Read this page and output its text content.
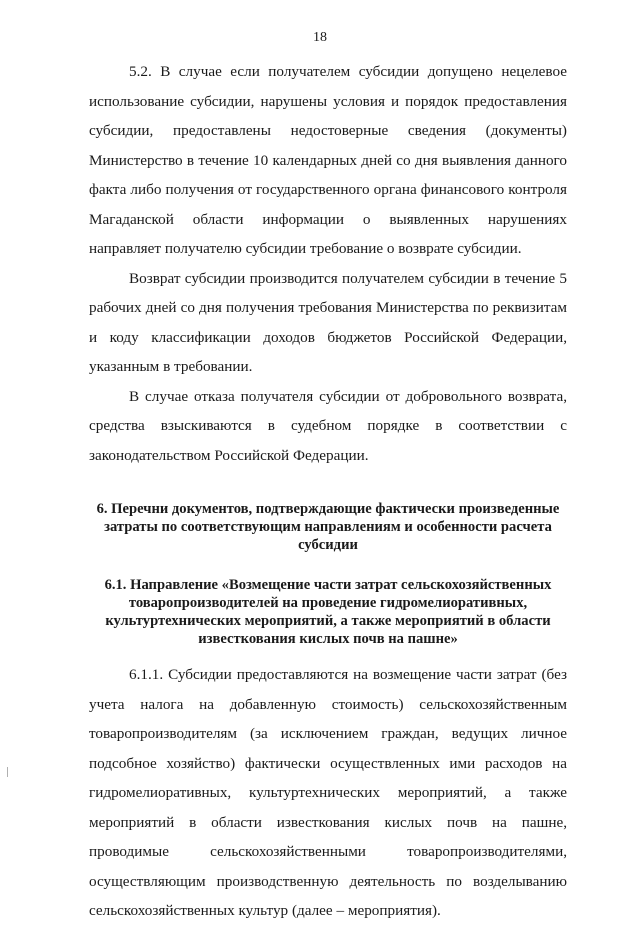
18

5.2. В случае если получателем субсидии допущено нецелевое использование субсидии, нарушены условия и порядок предоставления субсидии, предоставлены недостоверные сведения (документы) Министерство в течение 10 календарных дней со дня выявления данного факта либо получения от государственного органа финансового контроля Магаданской области информации о выявленных нарушениях направляет получателю субсидии требование о возврате субсидии.

Возврат субсидии производится получателем субсидии в течение 5 рабочих дней со дня получения требования Министерства по реквизитам и коду классификации доходов бюджетов Российской Федерации, указанным в требовании.

В случае отказа получателя субсидии от добровольного возврата, средства взыскиваются в судебном порядке в соответствии с законодательством Российской Федерации.

6. Перечни документов, подтверждающие фактически произведенные затраты по соответствующим направлениям и особенности расчета субсидии
6.1. Направление «Возмещение части затрат сельскохозяйственных товаропроизводителей на проведение гидромелиоративных, культуртехнических мероприятий, а также мероприятий в области известкования кислых почв на пашне»

6.1.1. Субсидии предоставляются на возмещение части затрат (без учета налога на добавленную стоимость) сельскохозяйственным товаропроизводителям (за исключением граждан, ведущих личное подсобное хозяйство) фактически осуществленных ими расходов на гидромелиоративных, культуртехнических мероприятий, а также мероприятий в области известкования кислых почв на пашне, проводимые сельскохозяйственными товаропроизводителями, осуществляющим производственную деятельность по возделыванию сельскохозяйственных культур (далее – мероприятия).
